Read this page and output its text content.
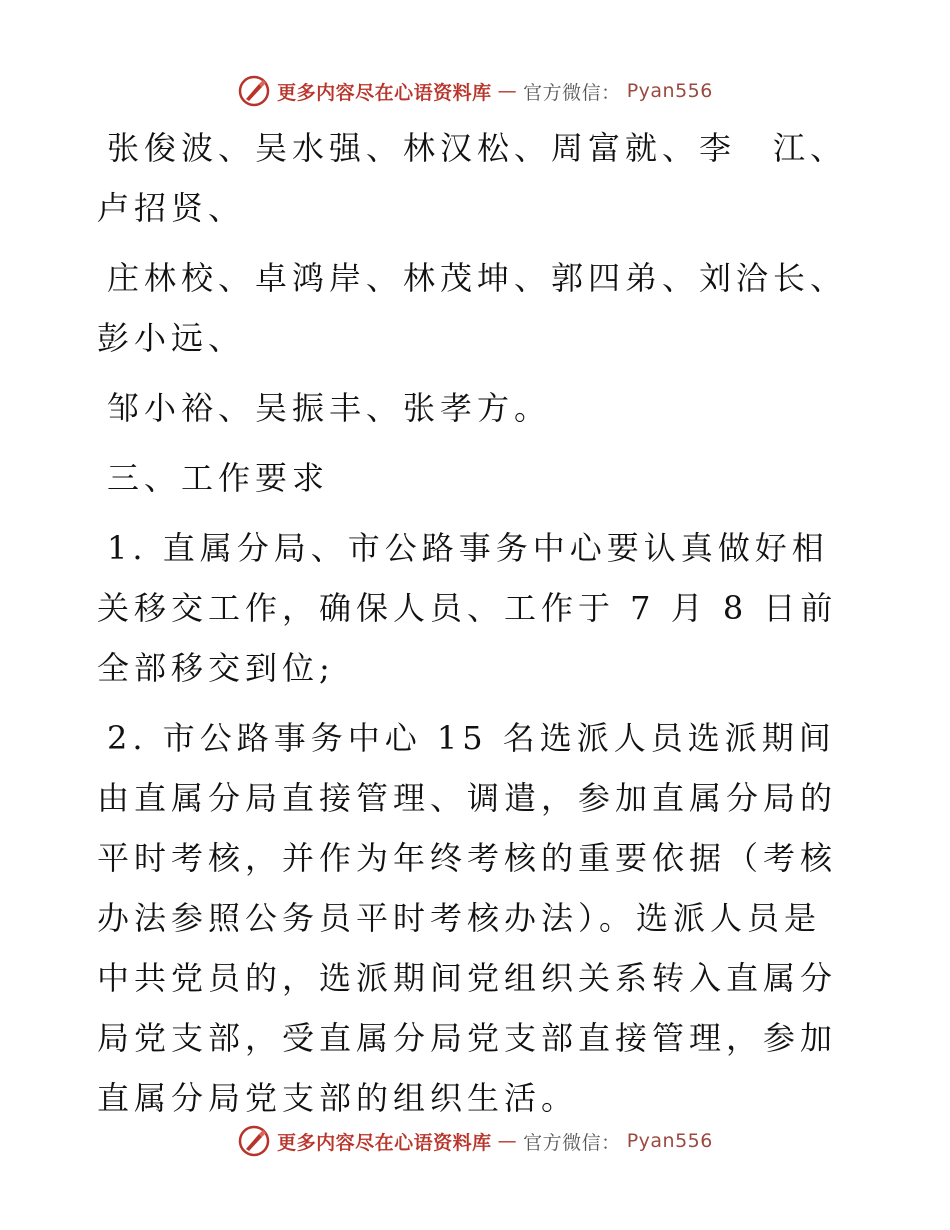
更多内容尽在心语资料库 — 官方微信： Pyan556

张俊波、吴水强、林汉松、周富就、李　江、卢招贤、

庄林校、卓鸿岸、林茂坤、郭四弟、刘洽长、彭小远、

邹小裕、吴振丰、张孝方。

三、工作要求

1. 直属分局、市公路事务中心要认真做好相关移交工作，确保人员、工作于 7 月 8 日前全部移交到位;

2. 市公路事务中心 15 名选派人员选派期间由直属分局直接管理、调遣，参加直属分局的平时考核，并作为年终考核的重要依据（考核办法参照公务员平时考核办法）。选派人员是中共党员的，选派期间党组织关系转入直属分局党支部，受直属分局党支部直接管理，参加直属分局党支部的组织生活。

更多内容尽在心语资料库 — 官方微信： Pyan556
